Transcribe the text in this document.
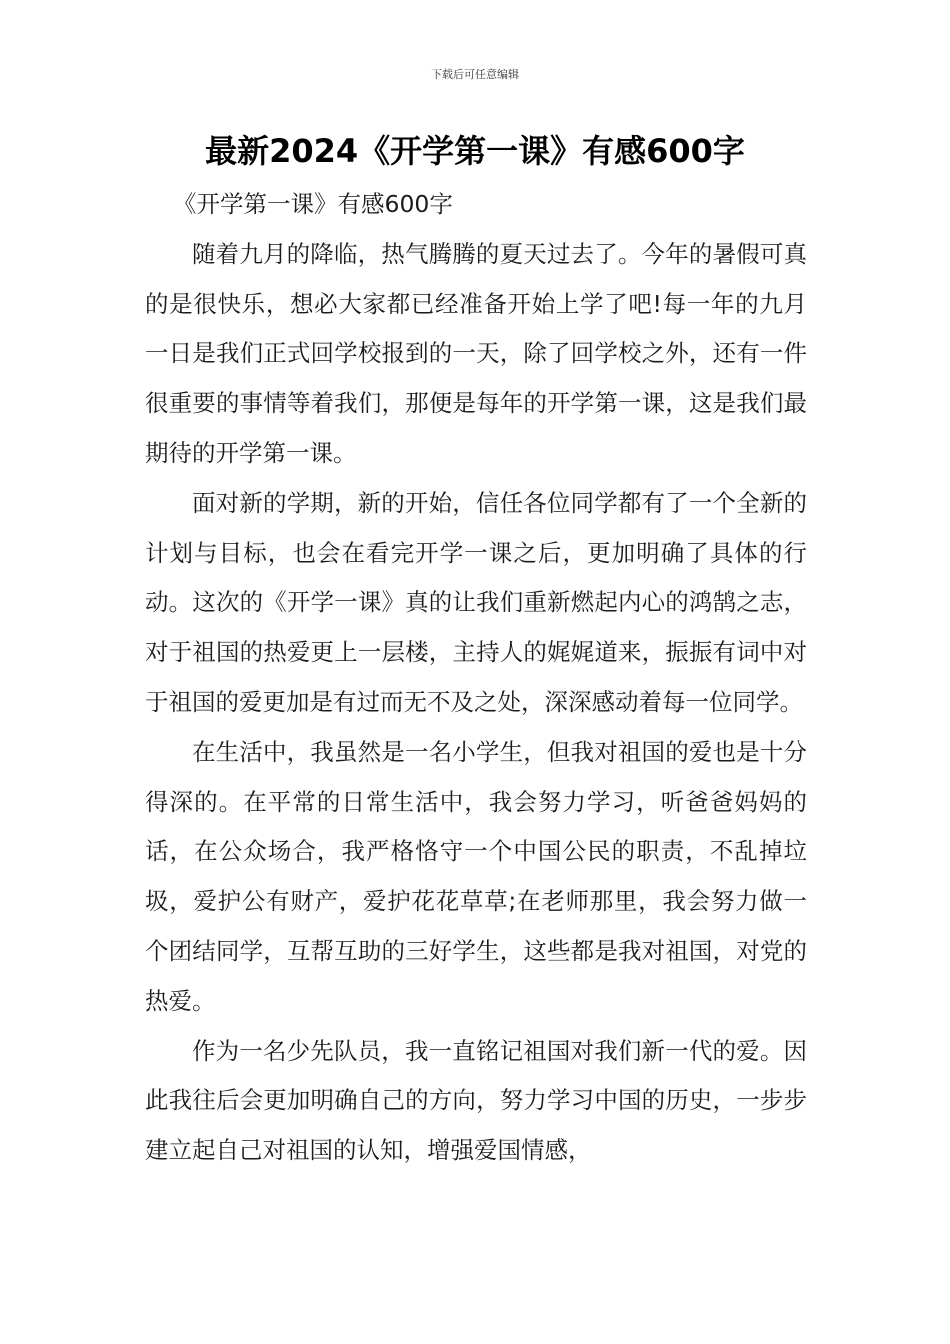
下载后可任意编辑
最新2024《开学第一课》有感600字

《开学第一课》有感600字

随着九月的降临，热气腾腾的夏天过去了。今年的暑假可真的是很快乐，想必大家都已经准备开始上学了吧!每一年的九月一日是我们正式回学校报到的一天，除了回学校之外，还有一件很重要的事情等着我们，那便是每年的开学第一课，这是我们最期待的开学第一课。

面对新的学期，新的开始，信任各位同学都有了一个全新的计划与目标，也会在看完开学一课之后，更加明确了具体的行动。这次的《开学一课》真的让我们重新燃起内心的鸿鹄之志，对于祖国的热爱更上一层楼，主持人的娓娓道来，振振有词中对于祖国的爱更加是有过而无不及之处，深深感动着每一位同学。

在生活中，我虽然是一名小学生，但我对祖国的爱也是十分得深的。在平常的日常生活中，我会努力学习，听爸爸妈妈的话，在公众场合，我严格恪守一个中国公民的职责，不乱掉垃圾，爱护公有财产，爱护花花草草;在老师那里，我会努力做一个团结同学，互帮互助的三好学生，这些都是我对祖国，对党的热爱。

作为一名少先队员，我一直铭记祖国对我们新一代的爱。因此我往后会更加明确自己的方向，努力学习中国的历史，一步步建立起自己对祖国的认知，增强爱国情感，
